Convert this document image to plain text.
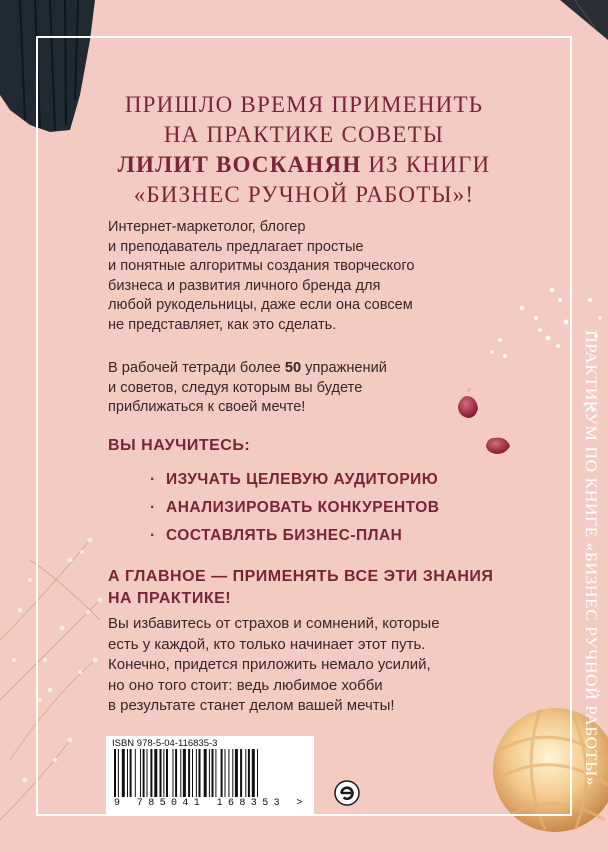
ПРИШЛО ВРЕМЯ ПРИМЕНИТЬ
НА ПРАКТИКЕ СОВЕТЫ
ЛИЛИТ ВОСКАНЯН ИЗ КНИГИ
«БИЗНЕС РУЧНОЙ РАБОТЫ»!
Интернет-маркетолог, блогер
и преподаватель предлагает простые
и понятные алгоритмы создания творческого
бизнеса и развития личного бренда для
любой рукодельницы, даже если она совсем
не представляет, как это сделать.
В рабочей тетради более 50 упражнений
и советов, следуя которым вы будете
приближаться к своей мечте!
ВЫ НАУЧИТЕСЬ:
· ИЗУЧАТЬ ЦЕЛЕВУЮ АУДИТОРИЮ
· АНАЛИЗИРОВАТЬ КОНКУРЕНТОВ
· СОСТАВЛЯТЬ БИЗНЕС-ПЛАН
А ГЛАВНОЕ — ПРИМЕНЯТЬ ВСЕ ЭТИ ЗНАНИЯ
НА ПРАКТИКЕ!
Вы избавитесь от страхов и сомнений, которые
есть у каждой, кто только начинает этот путь.
Конечно, придется приложить немало усилий,
но оно того стоит: ведь любимое хобби
в результате станет делом вашей мечты!	ПРАКТИКУМ ПО КНИГЕ «БИЗНЕС РУЧНОЙ РАБОТЫ»
ISBN 978-5-04-116835-3
9 785041 168353 >
